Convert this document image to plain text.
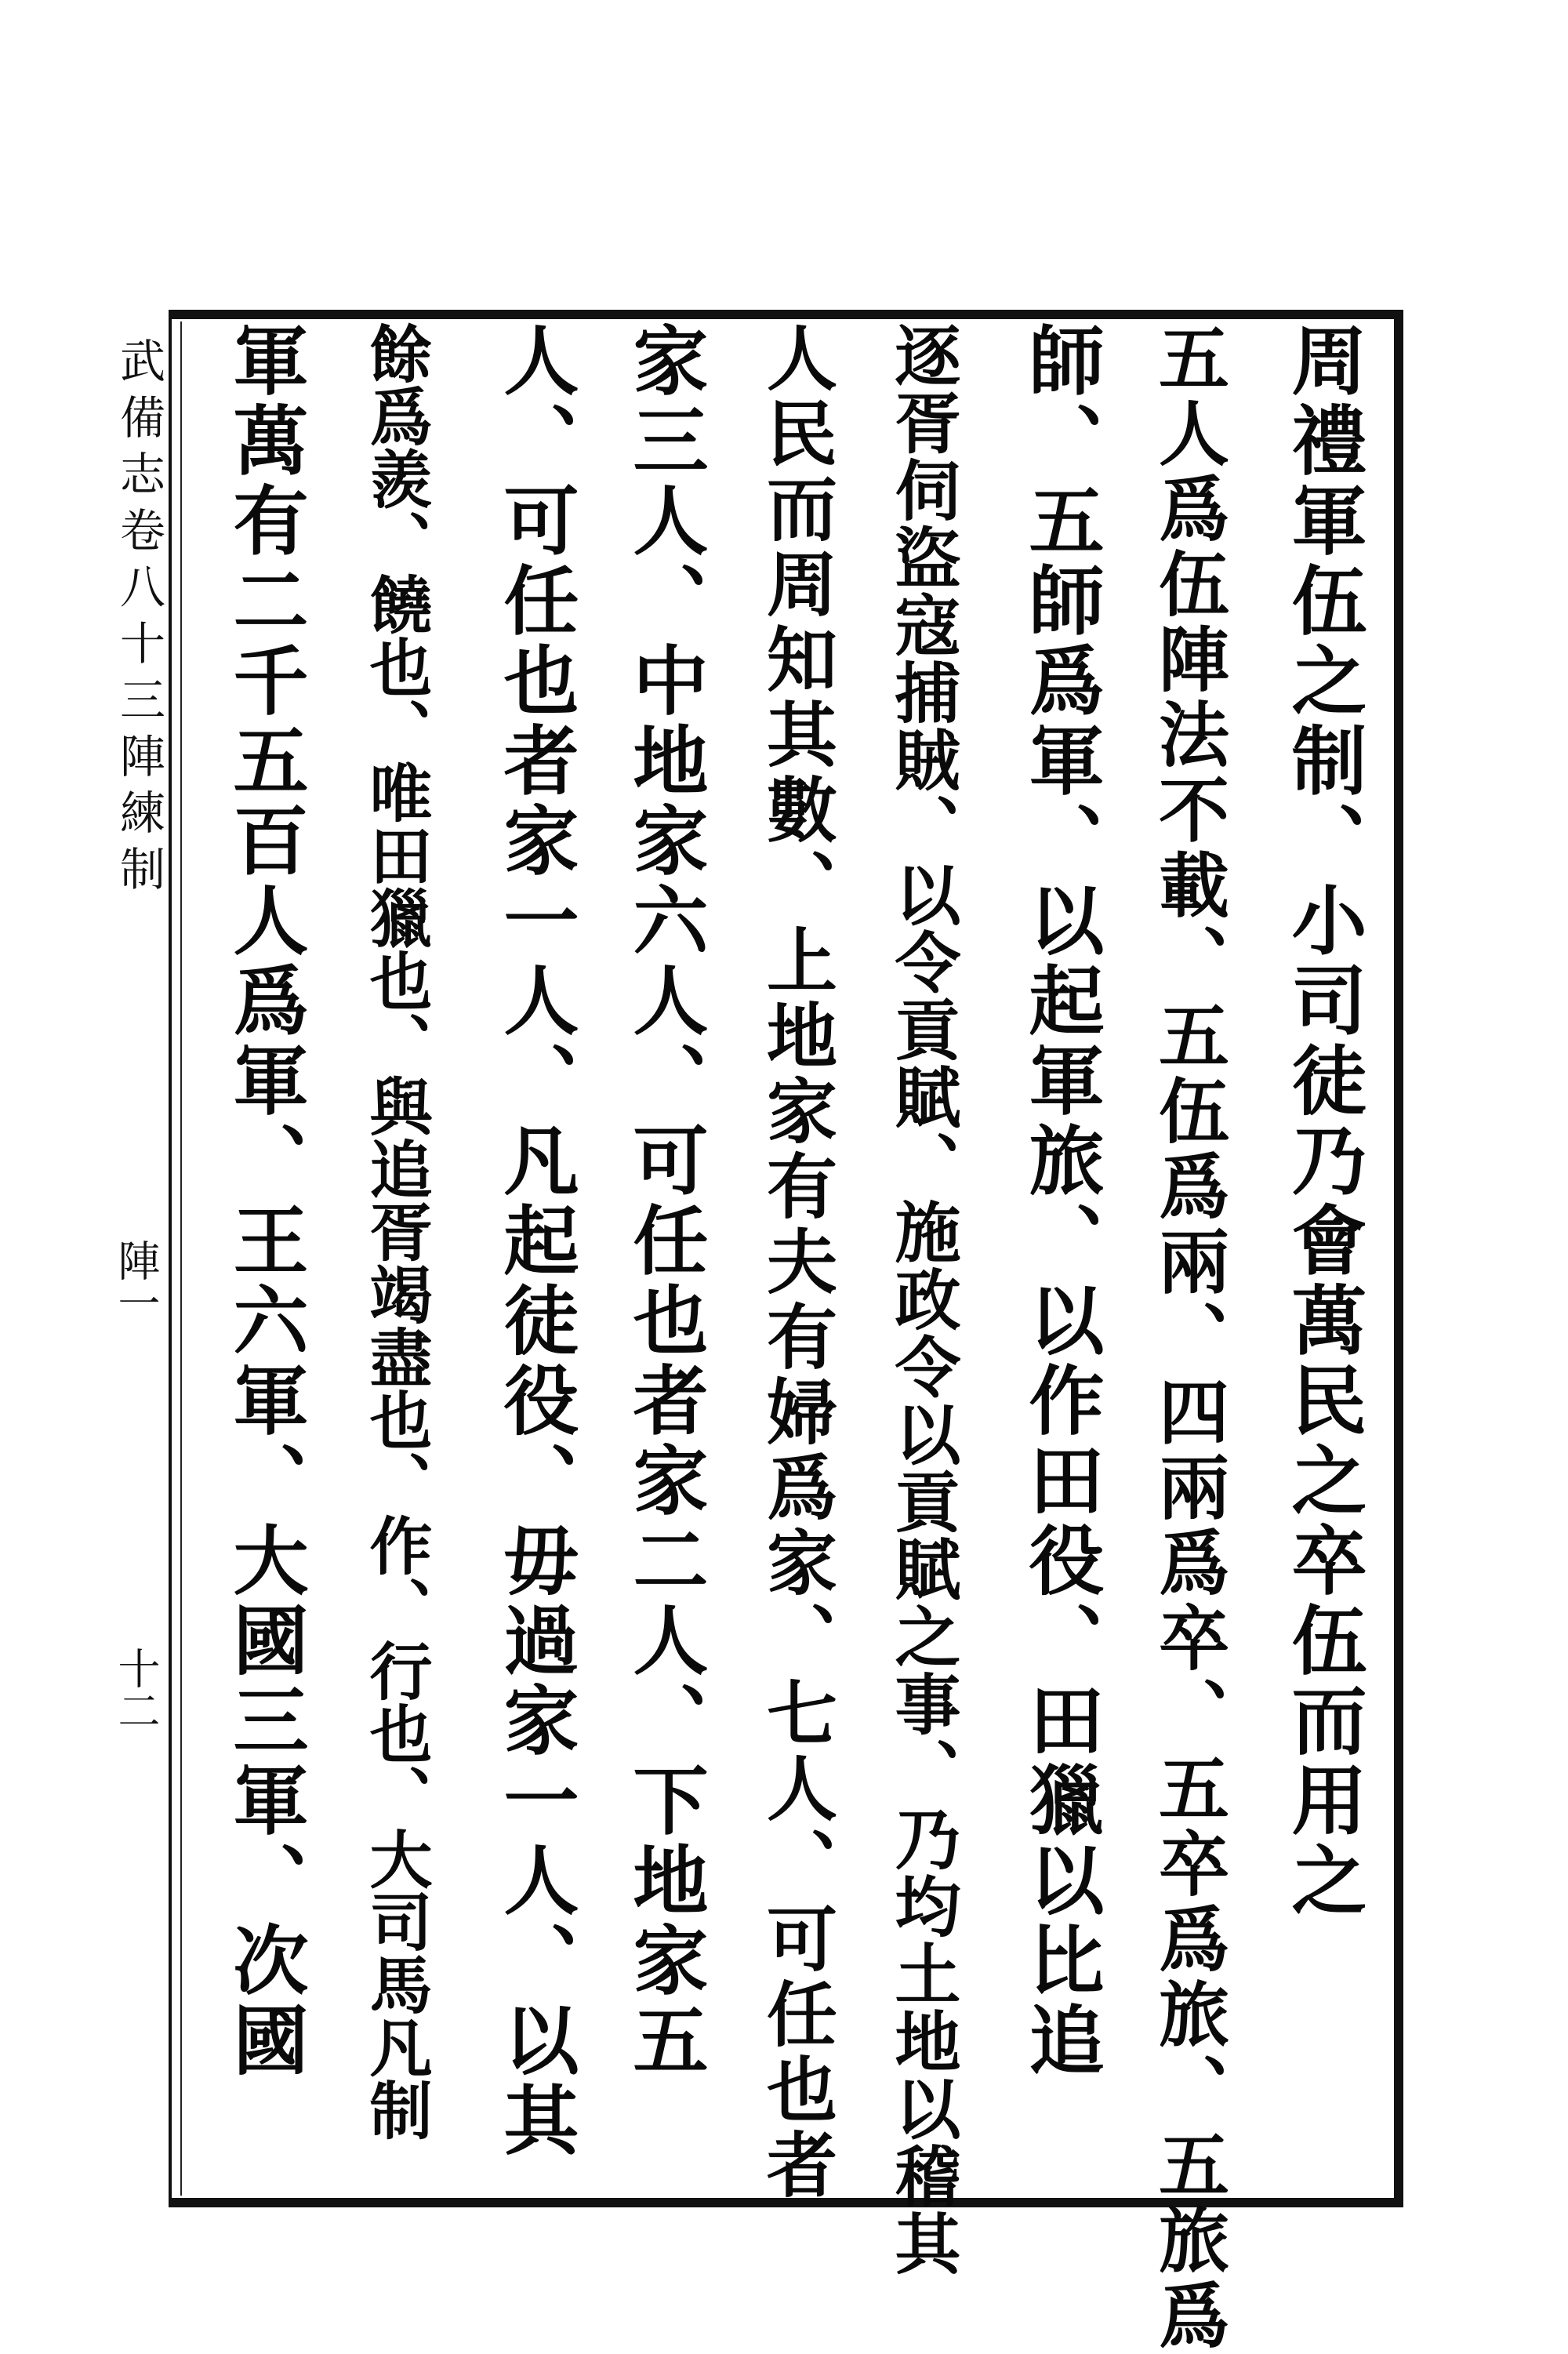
武備志卷八十三陣練制
陣一
十二	周禮軍伍之制、小司徒乃會萬民之卒伍而用之
五人爲伍陣法不載、五伍爲兩、四兩爲卒、五卒爲旅、五旅爲
師、五師爲軍、以起軍旅、以作田役、田獵以比追
逐胥伺盜寇捕賊、以令貢賦、施政令以貢賦之事、乃均土地以稽其
人民而周知其數、上地家有夫有婦爲家、七人、可任也者
家三人、中地家六人、可任也者家二人、下地家五
人、可任也者家一人、凡起徒役、毋過家一人、以其
餘爲羨、饒也、唯田獵也、與追胥竭盡也、作、行也、大司馬凡制
軍萬有二千五百人爲軍、王六軍、大國三軍、次國
